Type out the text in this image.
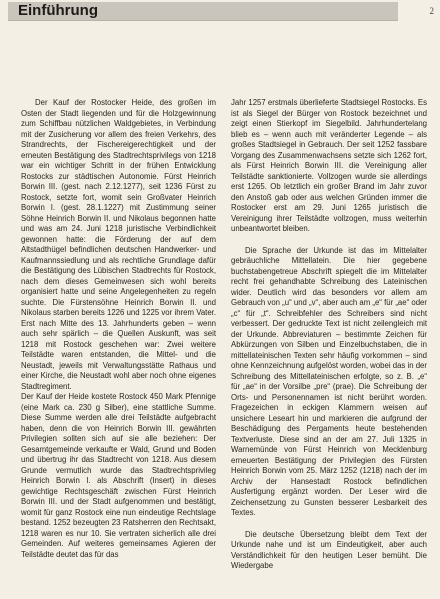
Einführung	2

Der Kauf der Rostocker Heide, des großen im Osten der Stadt liegenden und für die Holzgewinnung zum Schiffbau nützlichen Waldgebietes, in Verbindung mit der Zusicherung vor allem des freien Verkehrs, des Strandrechts, der Fischereigerechtigkeit und der erneuten Bestätigung des Stadtrechtsprivilegs von 1218 war ein wichtiger Schritt in der frühen Entwicklung Rostocks zur städtischen Autonomie. Fürst Heinrich Borwin III. (gest. nach 2.12.1277), seit 1236 Fürst zu Rostock, setzte fort, womit sein Großvater Heinrich Borwin I. (gest. 28.1.1227) mit Zustimmung seiner Söhne Heinrich Borwin II. und Nikolaus begonnen hatte und was am 24. Juni 1218 juristische Verbindlichkeit gewonnen hatte: die Förderung der auf dem Altstadthügel befindlichen deutschen Handwerker- und Kaufmannssiedlung und als rechtliche Grundlage dafür die Bestätigung des Lübischen Stadtrechts für Rostock, nach dem dieses Gemeinwesen sich wohl bereits organisiert hatte und seine Angelegenheiten zu regeln suchte. Die Fürstensöhne Heinrich Borwin II. und Nikolaus starben bereits 1226 und 1225 vor ihrem Vater. Erst nach Mitte des 13. Jahrhunderts geben – wenn auch sehr spärlich – die Quellen Auskunft, was seit 1218 mit Rostock geschehen war: Zwei weitere Teilstädte waren entstanden, die Mittel- und die Neustadt, jeweils mit Verwaltungsstätte Rathaus und einer Kirche, die Neustadt wohl aber noch ohne eigenes Stadtregiment.

Der Kauf der Heide kostete Rostock 450 Mark Pfennige (eine Mark ca. 230 g Silber), eine stattliche Summe. Diese Summe werden alle drei Teilstädte aufgebracht haben, denn die von Heinrich Borwin III. gewährten Privilegien sollten sich auf sie alle beziehen: Der Gesamtgemeinde verkaufte er Wald, Grund und Boden und übertrug ihr das Stadtrecht von 1218. Aus diesem Grunde vermutlich wurde das Stadtrechtsprivileg Heinrich Borwin I. als Abschrift (Insert) in dieses gewichtige Rechtsgeschäft zwischen Fürst Heinrich Borwin III. und der Stadt aufgenommen und bestätigt, womit für ganz Rostock eine nun eindeutige Rechtslage bestand. 1252 bezeugten 23 Ratsherren den Rechtsakt, 1218 waren es nur 10. Sie vertraten sicherlich alle drei Gemeinden. Auf weiteres gemeinsames Agieren der Teilstädte deutet das für das

Jahr 1257 erstmals überlieferte Stadtsiegel Rostocks. Es ist als Siegel der Bürger von Rostock bezeichnet und zeigt einen Stierkopf im Siegelbild. Jahrhundertelang blieb es – wenn auch mit veränderter Legende – als großes Stadtsiegel in Gebrauch. Der seit 1252 fassbare Vorgang des Zusammenwachsens setzte sich 1262 fort, als Fürst Heinrich Borwin III. die Vereinigung aller Teilstädte sanktionierte. Vollzogen wurde sie allerdings erst 1265. Ob letztlich ein großer Brand im Jahr zuvor den Anstoß gab oder aus welchen Gründen immer die Rostocker erst am 29. Juni 1265 juristisch die Vereinigung ihrer Teilstädte vollzogen, muss weiterhin unbeantwortet bleiben.

Die Sprache der Urkunde ist das im Mittelalter gebräuchliche Mittellatein. Die hier gegebene buchstabengetreue Abschrift spiegelt die im Mittelalter recht frei gehandhabte Schreibung des Lateinischen wider. Deutlich wird das besonders vor allem am Gebrauch von „u“ und „v“, aber auch am „e“ für „ae“ oder „c“ für „t“. Schreibfehler des Schreibers sind nicht verbessert. Der gedruckte Text ist nicht zeilengleich mit der Urkunde. Abbreviaturen – bestimmte Zeichen für Abkürzungen von Silben und Einzelbuchstaben, die in mittellateinischen Texten sehr häufig vorkommen – sind ohne Kennzeichnung aufgelöst worden, wobei das in der Schreibung des Mittellateinischen erfolgte, so z. B. „e“ für „ae“ in der Vorsilbe „pre“ (prae). Die Schreibung der Orts- und Personennamen ist nicht berührt worden. Fragezeichen in eckigen Klammern weisen auf unsichere Leseart hin und markieren die aufgrund der Beschädigung des Pergaments heute bestehenden Textverluste. Diese sind an der am 27. Juli 1325 in Warnemünde von Fürst Heinrich von Mecklenburg erneuerten Bestätigung der Privilegien des Fürsten Heinrich Borwin vom 25. März 1252 (1218) nach der im Archiv der Hansestadt Rostock befindlichen Ausfertigung ergänzt worden. Der Leser wird die Zeichensetzung zu Gunsten besserer Lesbarkeit des Textes.

Die deutsche Übersetzung bleibt dem Text der Urkunde nahe und ist um Eindeutigkeit, aber auch Verständlichkeit für den heutigen Leser bemüht. Die Wiedergabe
